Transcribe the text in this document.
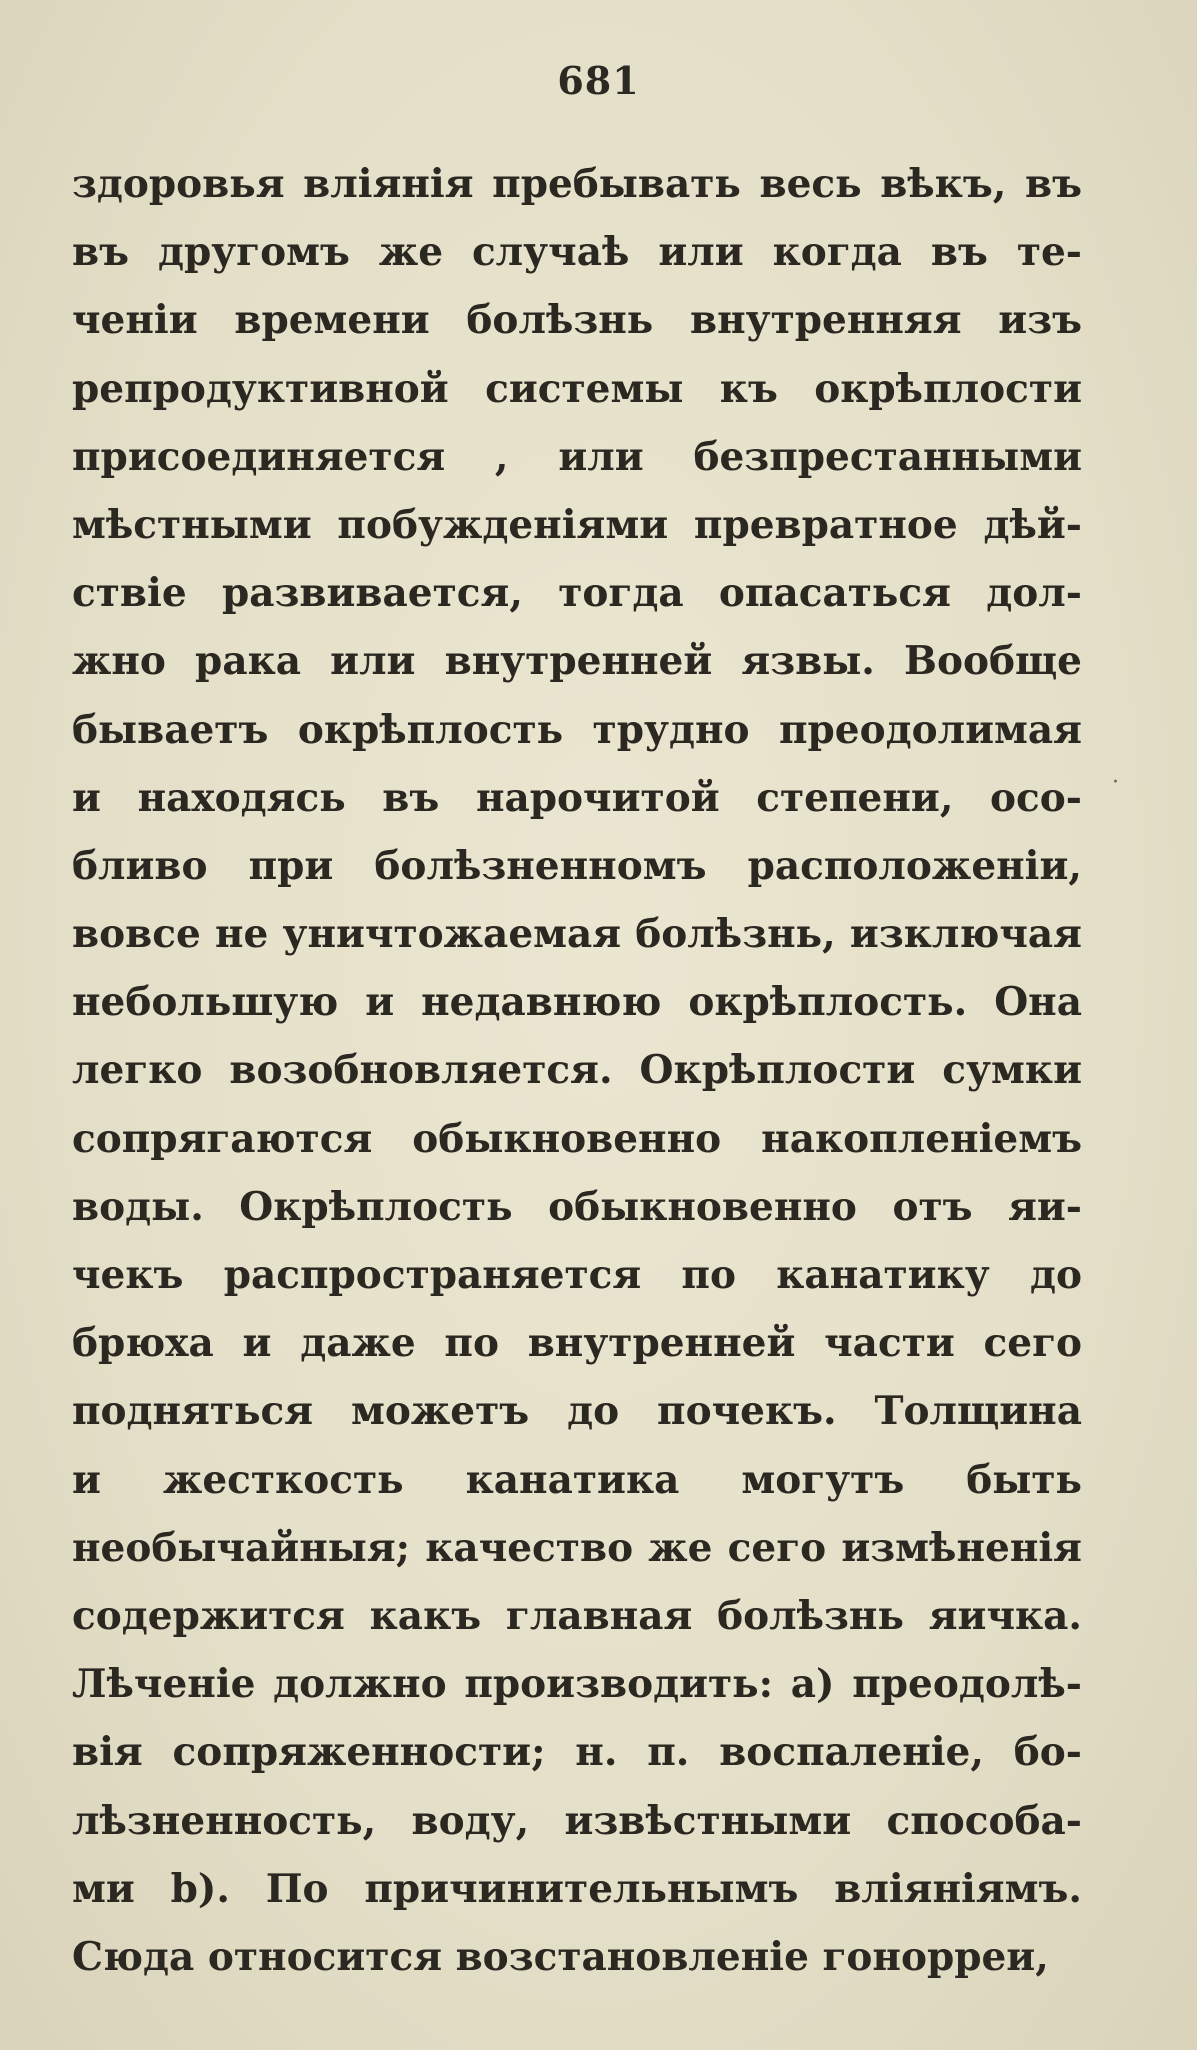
681
·
здоровья влiянiя пребывать весь вѣкъ, въ
въ другомъ же случаѣ или когда въ те-
ченiи времени болѣзнь внутренняя изъ
репродуктивной системы къ окрѣплости
присоединяется , или безпрестанными
мѣстными побужденiями превратное дѣй-
ствiе развивается, тогда опасаться дол-
жно рака или внутренней язвы. Вообще
бываетъ окрѣплость трудно преодолимая
и находясь въ нарочитой степени, осо-
бливо при болѣзненномъ расположенiи,
вовсе не уничтожаемая болѣзнь, изключая
небольшую и недавнюю окрѣплость. Она
легко возобновляется. Окрѣплости сумки
сопрягаются обыкновенно накопленiемъ
воды. Окрѣплость обыкновенно отъ яи-
чекъ распространяется по канатику до
брюха и даже по внутренней части сего
подняться можетъ до почекъ. Толщина
и жесткость канатика могутъ быть
необычайныя; качество же сего измѣненiя
содержится какъ главная болѣзнь яичка.
Лѣченiе должно производить: a) преодолѣ-
вiя сопряженности; н. п. воспаленiе, бо-
лѣзненность, воду, извѣстными способа-
ми b). По причинительнымъ влiянiямъ.
Сюда относится возстановленiе гонорреи,
